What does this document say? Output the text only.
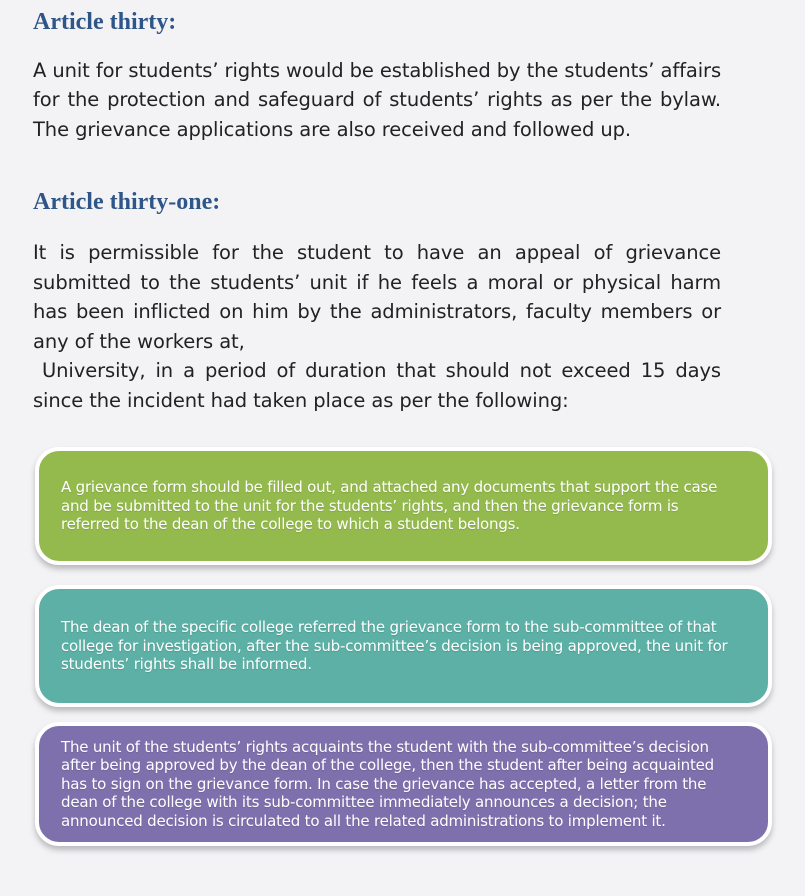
Article thirty:

A unit for students’ rights would be established by the students’ affairs for the protection and safeguard of students’ rights as per the bylaw. The grievance applications are also received and followed up.

Article thirty-one:

It is permissible for the student to have an appeal of grievance submitted to the students’ unit if he feels a moral or physical harm has been inflicted on him by the administrators, faculty members or any of the workers at,
University, in a period of duration that should not exceed 15 days since the incident had taken place as per the following:

A grievance form should be filled out, and attached any documents that support the case and be submitted to the unit for the students’ rights, and then the grievance form is referred to the dean of the college to which a student belongs.
The dean of the specific college referred the grievance form to the sub-committee of that college for investigation, after the sub-committee’s decision is being approved, the unit for students’ rights shall be informed.
The unit of the students’ rights acquaints the student with the sub-committee’s decision after being approved by the dean of the college, then the student after being acquainted has to sign on the grievance form. In case the grievance has accepted, a letter from the dean of the college with its sub-committee immediately announces a decision; the announced decision is circulated to all the related administrations to implement it.
